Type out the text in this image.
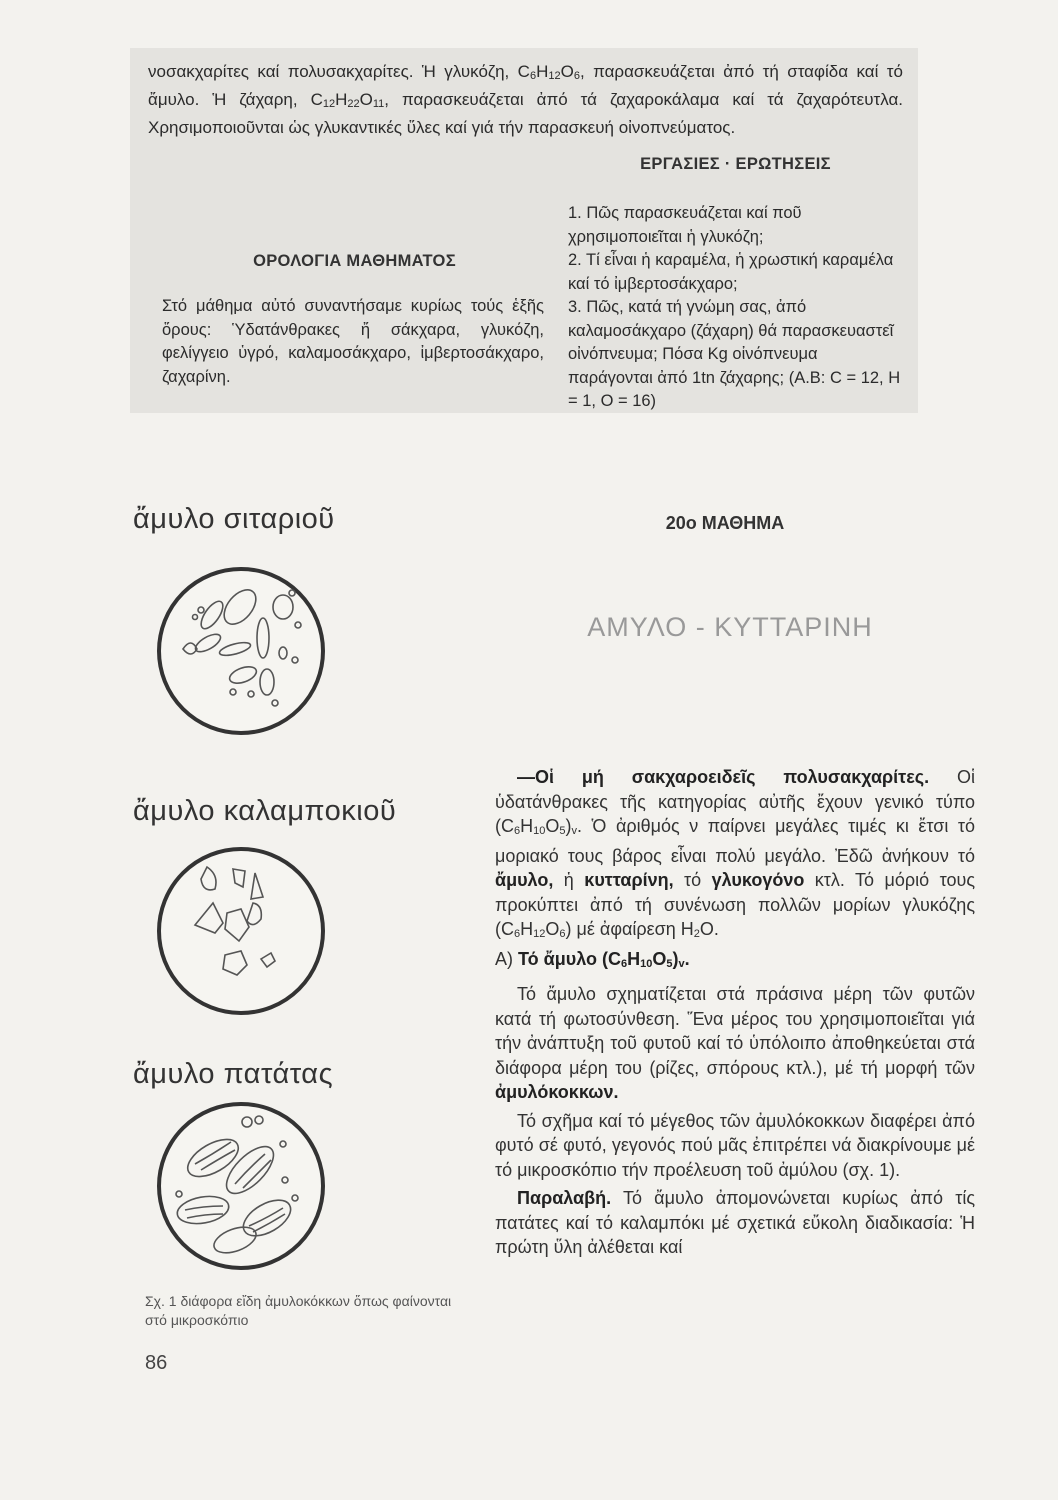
νοσακχαρίτες καί πολυσακχαρίτες. Ἡ γλυκόζη, $C_6H_{12}O_6$, παρασκευάζεται ἀπό τή σταφίδα καί τό ἄμυλο. Ἡ ζάχαρη, $C_{12}H_{22}O_{11}$, παρασκευάζεται ἀπό τά ζαχαροκάλαμα καί τά ζαχαρότευτλα. Χρησιμοποιοῦνται ὡς γλυκαντικές ὕλες καί γιά τήν παρασκευή οἰνοπνεύματος.
ΕΡΓΑΣΙΕΣ · ΕΡΩΤΗΣΕΙΣ

1. Πῶς παρασκευάζεται καί ποῦ χρησιμοποιεῖται ἡ γλυκόζη;

2. Τί εἶναι ἡ καραμέλα, ἡ χρωστική καραμέλα καί τό ἰμβερτοσάκχαρο;

3. Πῶς, κατά τή γνώμη σας, ἀπό καλαμοσάκχαρο (ζάχαρη) θά παρασκευαστεῖ οἰνόπνευμα; Πόσα Kg οἰνόπνευμα παράγονται ἀπό 1tn ζάχαρης; (Α.Β: C = 12, H = 1, O = 16)

ΟΡΟΛΟΓΙΑ ΜΑΘΗΜΑΤΟΣ
Στό μάθημα αὐτό συναντήσαμε κυρίως τούς ἑξῆς ὅρους: Ὑδατάνθρακες ἤ σάκχαρα, γλυκόζη, φελίγγειο ὑγρό, καλαμοσάκχαρο, ἰμβερτοσάκχαρο, ζαχαρίνη.
20ο ΜΑΘΗΜΑ
ΑΜΥΛΟ - ΚΥΤΤΑΡΙΝΗ
ἄμυλο σιταριοῦ
ἄμυλο καλαμποκιοῦ
ἄμυλο πατάτας
Σχ. 1 διάφορα εἴδη ἀμυλοκόκκων ὅπως φαίνονται στό μικροσκόπιο
86

—Οἱ μή σακχαροειδεῖς πολυσακχαρίτες. Οἱ ὑδατάνθρακες τῆς κατηγορίας αὐτῆς ἔχουν γενικό τύπο $(C_6H_{10}O_5)_v$. Ὁ ἀριθμός ν παίρνει μεγάλες τιμές κι ἔτσι τό μοριακό τους βάρος εἶναι πολύ μεγάλο. Ἐδῶ ἀνήκουν τό ἄμυλο, ἡ κυτταρίνη, τό γλυκογόνο κτλ. Τό μόριό τους προκύπτει ἀπό τή συνένωση πολλῶν μορίων γλυκόζης $(C_6H_{12}O_6)$ μέ ἀφαίρεση $H_2O$.

Α) Τό ἄμυλο $(C_6H_{10}O_5)_v$.

Τό ἄμυλο σχηματίζεται στά πράσινα μέρη τῶν φυτῶν κατά τή φωτοσύνθεση. Ἕνα μέρος του χρησιμοποιεῖται γιά τήν ἀνάπτυξη τοῦ φυτοῦ καί τό ὑπόλοιπο ἀποθηκεύεται στά διάφορα μέρη του (ρίζες, σπόρους κτλ.), μέ τή μορφή τῶν ἀμυλόκοκκων.

Τό σχῆμα καί τό μέγεθος τῶν ἀμυλόκοκκων διαφέρει ἀπό φυτό σέ φυτό, γεγονός πού μᾶς ἐπιτρέπει νά διακρίνουμε μέ τό μικροσκόπιο τήν προέλευση τοῦ ἀμύλου (σχ. 1).

Παραλαβή. Τό ἄμυλο ἀπομονώνεται κυρίως ἀπό τίς πατάτες καί τό καλαμπόκι μέ σχετικά εὔκολη διαδικασία: Ἡ πρώτη ὕλη ἀλέθεται καί
